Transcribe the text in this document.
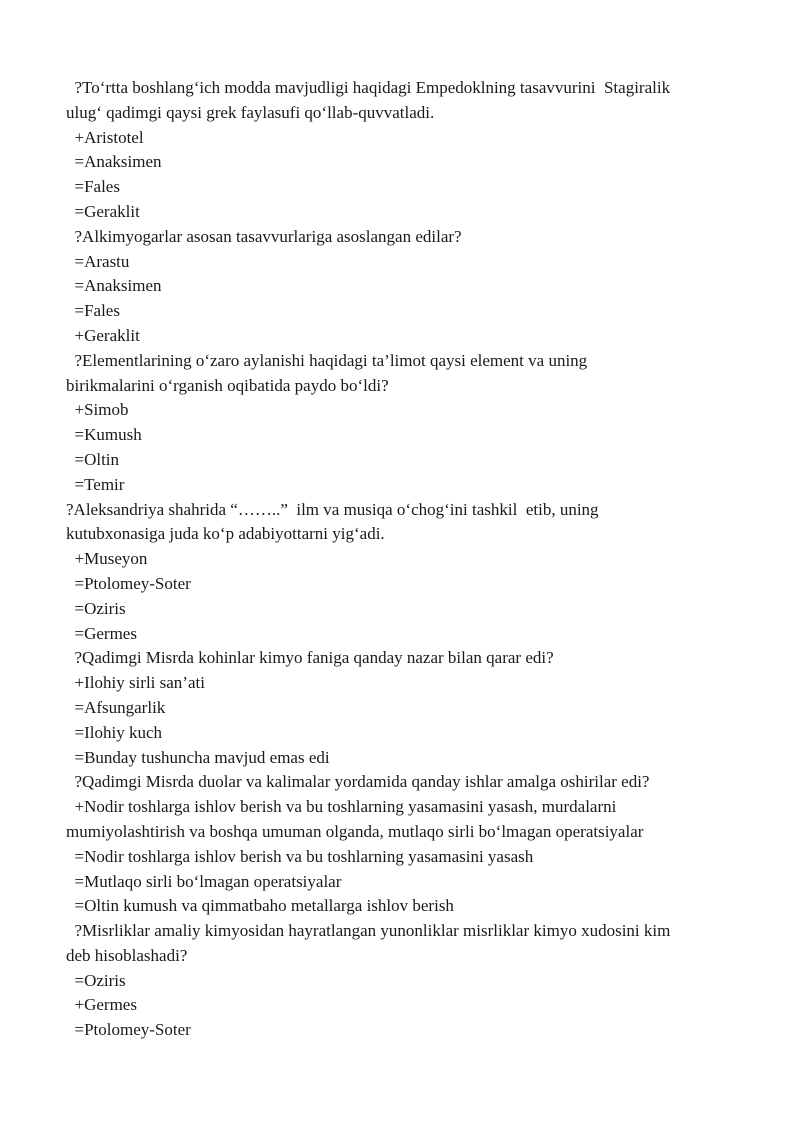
?To‘rtta boshlang‘ich modda mavjudligi haqidagi Empedoklning tasavvurini  Stagiralik
ulug‘ qadimgi qaysi grek faylasufi qo‘llab-quvvatladi.
+Aristotel
=Anaksimen
=Fales
=Geraklit
?Alkimyogarlar asosan tasavvurlariga asoslangan edilar?
=Arastu
=Anaksimen
=Fales
+Geraklit
?Elementlarining o‘zaro aylanishi haqidagi ta’limot qaysi element va uning
birikmalarini o‘rganish oqibatida paydo bo‘ldi?
+Simob
=Kumush
=Oltin
=Temir
?Aleksandriya shahrida “……..”  ilm va musiqa o‘chog‘ini tashkil  etib, uning
kutubxonasiga juda ko‘p adabiyottarni yig‘adi.
+Museyon
=Ptolomey-Soter
=Oziris
=Germes
?Qadimgi Misrda kohinlar kimyo faniga qanday nazar bilan qarar edi?
+Ilohiy sirli san’ati
=Afsungarlik
=Ilohiy kuch
=Bunday tushuncha mavjud emas edi
?Qadimgi Misrda duolar va kalimalar yordamida qanday ishlar amalga oshirilar edi?
+Nodir toshlarga ishlov berish va bu toshlarning yasamasini yasash, murdalarni
mumiyolashtirish va boshqa umuman olganda, mutlaqo sirli bo‘lmagan operatsiyalar
=Nodir toshlarga ishlov berish va bu toshlarning yasamasini yasash
=Mutlaqo sirli bo‘lmagan operatsiyalar
=Oltin kumush va qimmatbaho metallarga ishlov berish
?Misrliklar amaliy kimyosidan hayratlangan yunonliklar misrliklar kimyo xudosini kim
deb hisoblashadi?
=Oziris
+Germes
=Ptolomey-Soter
